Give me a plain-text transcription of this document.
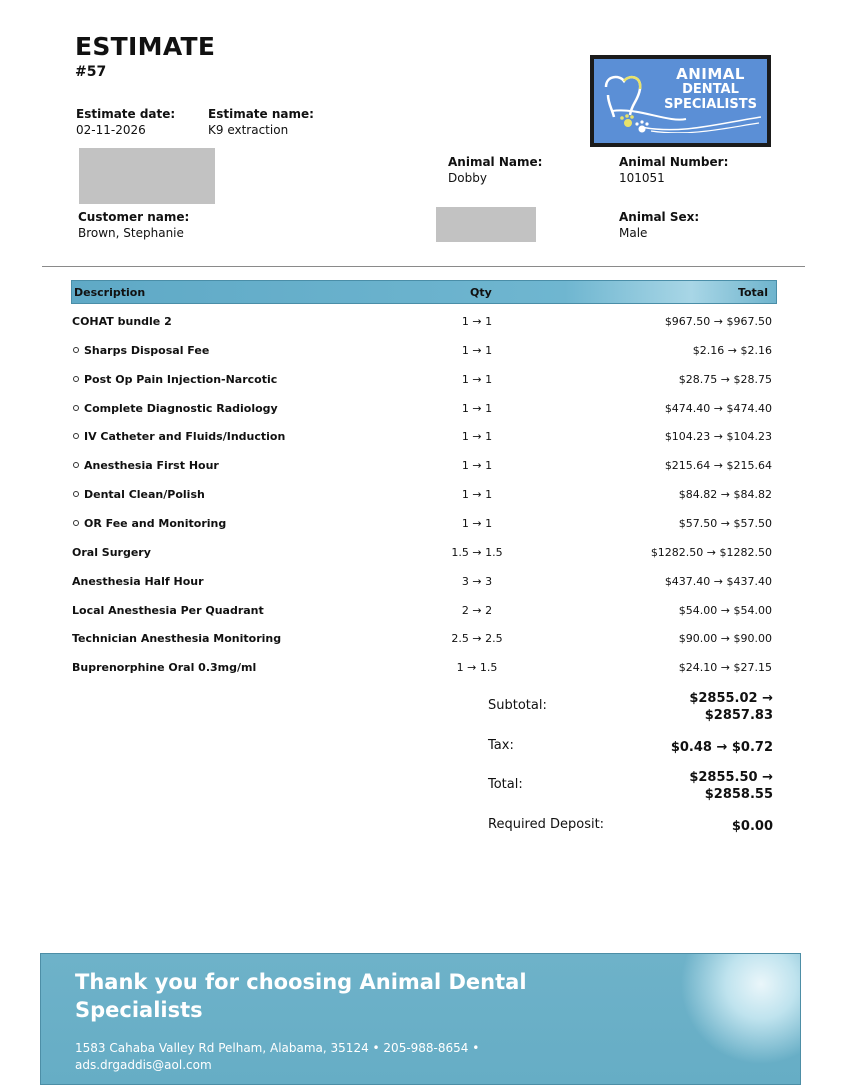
ESTIMATE
#57
Estimate date:
02-11-2026
Estimate name:
K9 extraction
ANIMAL
DENTAL
SPECIALISTS
Animal Name:
Dobby
Animal Number:
101051
Customer name:
Brown, Stephanie
Animal Sex:
Male
Description	Qty	Total
COHAT bundle 2	1 → 1	$967.50 → $967.50
Sharps Disposal Fee	1 → 1	$2.16 → $2.16
Post Op Pain Injection-Narcotic	1 → 1	$28.75 → $28.75
Complete Diagnostic Radiology	1 → 1	$474.40 → $474.40
IV Catheter and Fluids/Induction	1 → 1	$104.23 → $104.23
Anesthesia First Hour	1 → 1	$215.64 → $215.64
Dental Clean/Polish	1 → 1	$84.82 → $84.82
OR Fee and Monitoring	1 → 1	$57.50 → $57.50
Oral Surgery	1.5 → 1.5	$1282.50 → $1282.50
Anesthesia Half Hour	3 → 3	$437.40 → $437.40
Local Anesthesia Per Quadrant	2 → 2	$54.00 → $54.00
Technician Anesthesia Monitoring	2.5 → 2.5	$90.00 → $90.00
Buprenorphine Oral 0.3mg/ml	1 → 1.5	$24.10 → $27.15
Subtotal:	$2855.02 →
$2857.83
Tax:	$0.48 → $0.72
Total:	$2855.50 →
$2858.55
Required Deposit:	$0.00
Thank you for choosing Animal Dental Specialists
1583 Cahaba Valley Rd Pelham, Alabama, 35124 • 205-988-8654 • ads.drgaddis@aol.com
